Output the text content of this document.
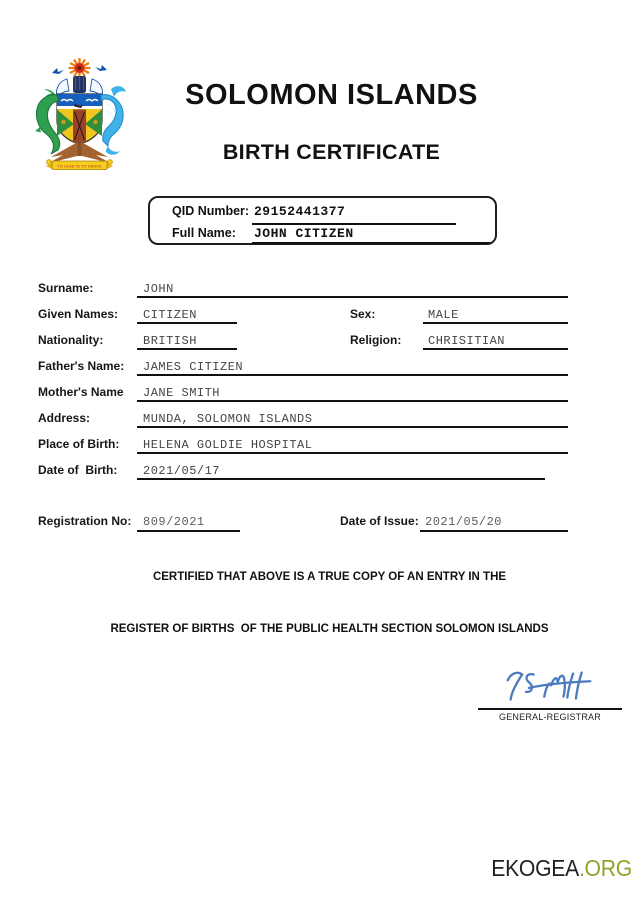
TO LEAD IS TO SERVE
SOLOMON ISLANDS
BIRTH CERTIFICATE
QID Number: 29152441377
Full Name: JOHN CITIZEN
Surname:	JOHN
Given Names: CITIZEN	Sex:	MALE
Nationality:	BRITISH	Religion: CHRISITIAN
Father's Name: JAMES CITIZEN
Mother's Name JANE SMITH
Address:	MUNDA, SOLOMON ISLANDS
Place of Birth: HELENA GOLDIE HOSPITAL
Date of  Birth: 2021/05/17
Registration No: 809/2021	Date of Issue: 2021/05/20
CERTIFIED THAT ABOVE IS A TRUE COPY OF AN ENTRY IN THE
REGISTER OF BIRTHS  OF THE PUBLIC HEALTH SECTION SOLOMON ISLANDS
GENERAL-REGISTRAR
EKOGEA.ORG
